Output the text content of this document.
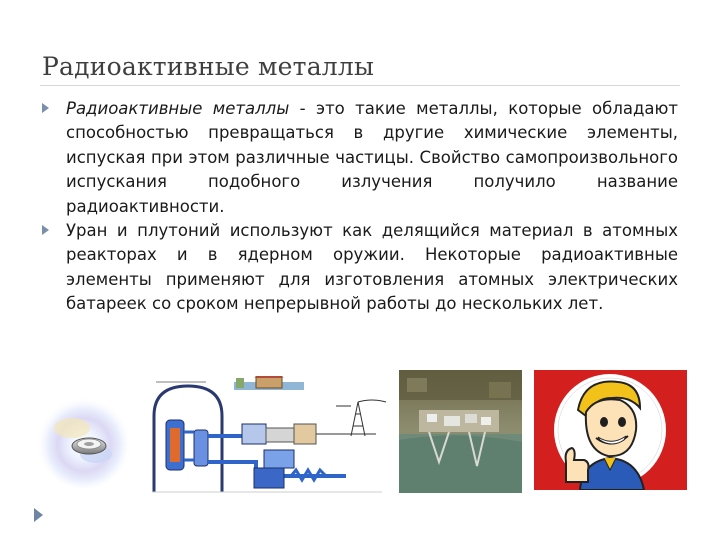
Радиоактивные металлы
Радиоактивные металлы - это такие металлы, которые обладают способностью превращаться в другие химические элементы, испуская при этом различные частицы. Свойство самопроизвольного испускания подобного излучения получило название радиоактивности.
Уран и плутоний используют как делящийся материал в атомных реакторах и в ядерном оружии. Некоторые радиоактивные элементы применяют для изготовления атомных электрических батареек со сроком непрерывной работы до нескольких лет.
